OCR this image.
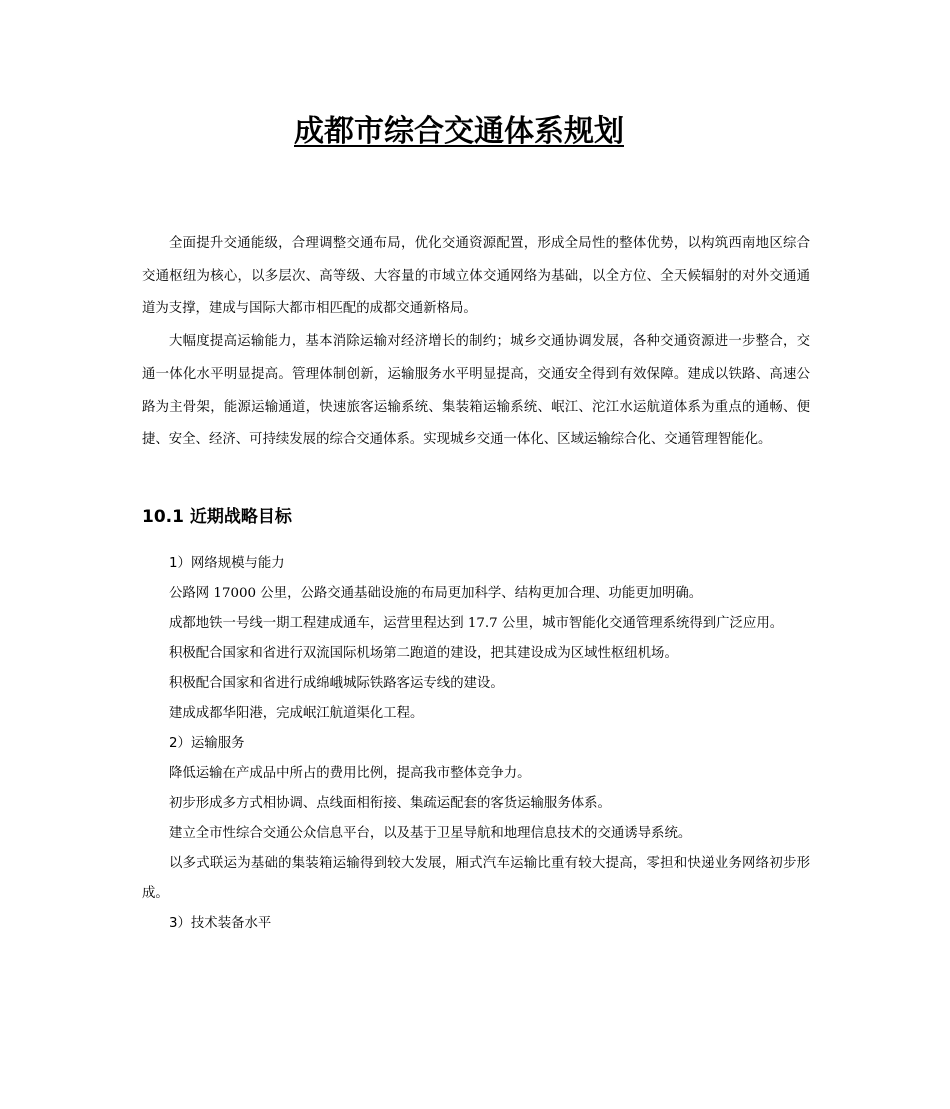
成都市综合交通体系规划

全面提升交通能级，合理调整交通布局，优化交通资源配置，形成全局性的整体优势，以构筑西南地区综合交通枢纽为核心，以多层次、高等级、大容量的市域立体交通网络为基础，以全方位、全天候辐射的对外交通通道为支撑，建成与国际大都市相匹配的成都交通新格局。

大幅度提高运输能力，基本消除运输对经济增长的制约；城乡交通协调发展，各种交通资源进一步整合，交通一体化水平明显提高。管理体制创新，运输服务水平明显提高，交通安全得到有效保障。建成以铁路、高速公路为主骨架，能源运输通道，快速旅客运输系统、集装箱运输系统、岷江、沱江水运航道体系为重点的通畅、便捷、安全、经济、可持续发展的综合交通体系。实现城乡交通一体化、区域运输综合化、交通管理智能化。

10.1 近期战略目标

1）网络规模与能力

公路网 17000 公里，公路交通基础设施的布局更加科学、结构更加合理、功能更加明确。

成都地铁一号线一期工程建成通车，运营里程达到 17.7 公里，城市智能化交通管理系统得到广泛应用。

积极配合国家和省进行双流国际机场第二跑道的建设，把其建设成为区域性枢纽机场。

积极配合国家和省进行成绵峨城际铁路客运专线的建设。

建成成都华阳港，完成岷江航道渠化工程。

2）运输服务

降低运输在产成品中所占的费用比例，提高我市整体竞争力。

初步形成多方式相协调、点线面相衔接、集疏运配套的客货运输服务体系。

建立全市性综合交通公众信息平台，以及基于卫星导航和地理信息技术的交通诱导系统。

以多式联运为基础的集装箱运输得到较大发展，厢式汽车运输比重有较大提高，零担和快递业务网络初步形成。

3）技术装备水平
